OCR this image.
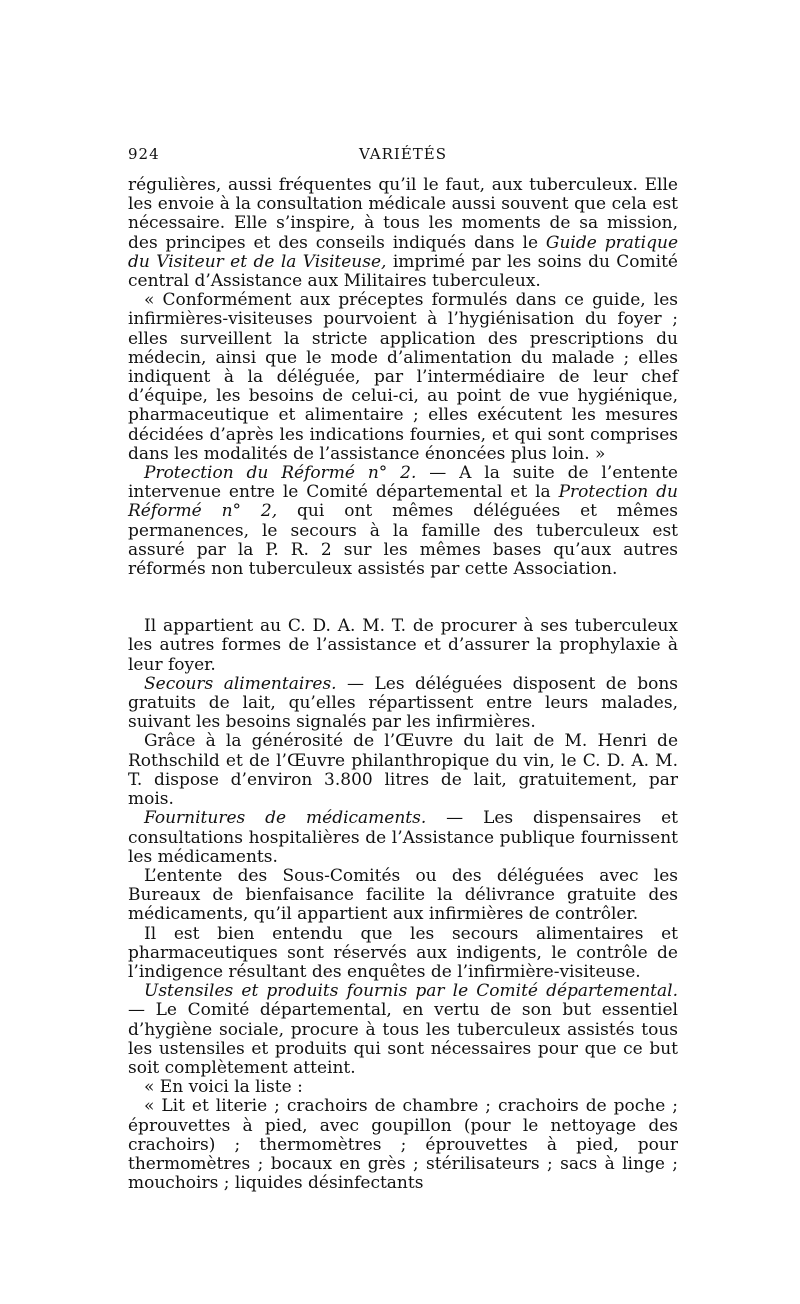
924	VARIÉTÉS

régulières, aussi fréquentes qu’il le faut, aux tuberculeux. Elle les envoie à la consultation médicale aussi souvent que cela est nécessaire. Elle s’inspire, à tous les moments de sa mission, des principes et des conseils indiqués dans le Guide pratique du Visiteur et de la Visiteuse, imprimé par les soins du Comité central d’Assistance aux Militaires tuberculeux.

« Conformément aux préceptes formulés dans ce guide, les infirmières-visiteuses pourvoient à l’hygiénisation du foyer ; elles surveillent la stricte application des prescriptions du médecin, ainsi que le mode d’alimentation du malade ; elles indiquent à la déléguée, par l’intermédiaire de leur chef d’équipe, les besoins de celui-ci, au point de vue hygiénique, pharmaceutique et alimentaire ; elles exécutent les mesures décidées d’après les indications fournies, et qui sont comprises dans les modalités de l’assistance énoncées plus loin. »

Protection du Réformé n° 2. — A la suite de l’entente intervenue entre le Comité départemental et la Protection du Réformé n° 2, qui ont mêmes déléguées et mêmes permanences, le secours à la famille des tuberculeux est assuré par la P. R. 2 sur les mêmes bases qu’aux autres réformés non tuberculeux assistés par cette Association.

Il appartient au C. D. A. M. T. de procurer à ses tuberculeux les autres formes de l’assistance et d’assurer la prophylaxie à leur foyer.

Secours alimentaires. — Les déléguées disposent de bons gratuits de lait, qu’elles répartissent entre leurs malades, suivant les besoins signalés par les infirmières.

Grâce à la générosité de l’Œuvre du lait de M. Henri de Rothschild et de l’Œuvre philanthropique du vin, le C. D. A. M. T. dispose d’environ 3.800 litres de lait, gratuitement, par mois.

Fournitures de médicaments. — Les dispensaires et consultations hospitalières de l’Assistance publique fournissent les médicaments.

L’entente des Sous-Comités ou des déléguées avec les Bureaux de bienfaisance facilite la délivrance gratuite des médicaments, qu’il appartient aux infirmières de contrôler.

Il est bien entendu que les secours alimentaires et pharmaceutiques sont réservés aux indigents, le contrôle de l’indigence résultant des enquêtes de l’infirmière-visiteuse.

Ustensiles et produits fournis par le Comité départemental. — Le Comité départemental, en vertu de son but essentiel d’hygiène sociale, procure à tous les tuberculeux assistés tous les ustensiles et produits qui sont nécessaires pour que ce but soit complètement atteint.

« En voici la liste :

« Lit et literie ; crachoirs de chambre ; crachoirs de poche ; éprouvettes à pied, avec goupillon (pour le nettoyage des crachoirs) ; thermomètres ; éprouvettes à pied, pour thermomètres ; bocaux en grès ; stérilisateurs ; sacs à linge ; mouchoirs ; liquides désinfectants
